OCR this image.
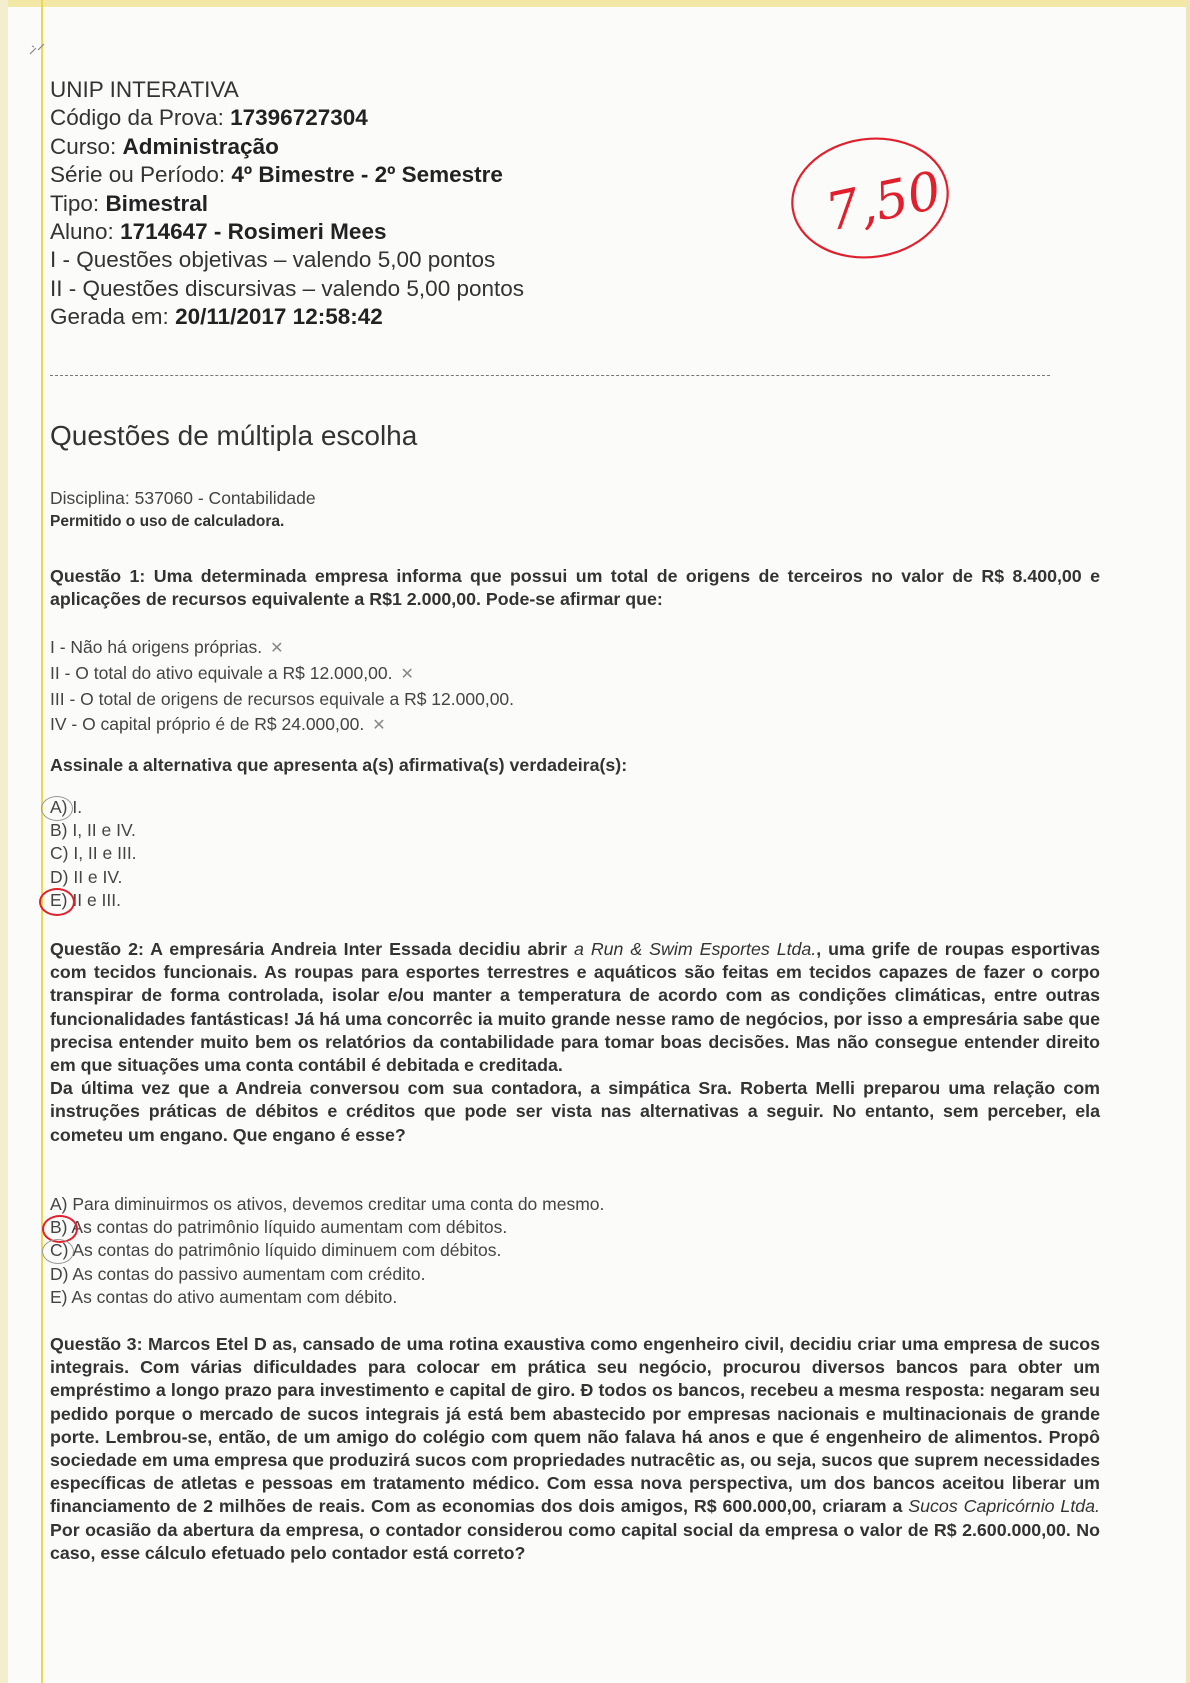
UNIP INTERATIVA
Código da Prova: 17396727304
Curso: Administração
Série ou Período: 4º Bimestre - 2º Semestre
Tipo: Bimestral
Aluno: 1714647 - Rosimeri Mees
I - Questões objetivas – valendo 5,00 pontos
II - Questões discursivas – valendo 5,00 pontos
Gerada em: 20/11/2017 12:58:42
7,50
Questões de múltipla escolha
Disciplina: 537060 - Contabilidade
Permitido o uso de calculadora.

Questão 1: Uma determinada empresa informa que possui um total de origens de terceiros no valor de R$ 8.400,00 e aplicações de recursos equivalente a R$1 2.000,00. Pode-se afirmar que:

I - Não há origens próprias. ✕
II - O total do ativo equivale a R$ 12.000,00. ✕
III - O total de origens de recursos equivale a R$ 12.000,00.
IV - O capital próprio é de R$ 24.000,00. ✕

Assinale a alternativa que apresenta a(s) afirmativa(s) verdadeira(s):

A) I.
B) I, II e IV.
C) I, II e III.
D) II e IV.
E) II e III.

Questão 2: A empresária Andreia Inter Essada decidiu abrir a Run & Swim Esportes Ltda., uma grife de roupas esportivas com tecidos funcionais. As roupas para esportes terrestres e aquáticos são feitas em tecidos capazes de fazer o corpo transpirar de forma controlada, isolar e/ou manter a temperatura de acordo com as condições climáticas, entre outras funcionalidades fantásticas! Já há uma concorrêc ia muito grande nesse ramo de negócios, por isso a empresária sabe que precisa entender muito bem os relatórios da contabilidade para tomar boas decisões. Mas não consegue entender direito em que situações uma conta contábil é debitada e creditada.

Da última vez que a Andreia conversou com sua contadora, a simpática Sra. Roberta Melli preparou uma relação com instruções práticas de débitos e créditos que pode ser vista nas alternativas a seguir. No entanto, sem perceber, ela cometeu um engano. Que engano é esse?

A) Para diminuirmos os ativos, devemos creditar uma conta do mesmo.
B) As contas do patrimônio líquido aumentam com débitos.
C) As contas do patrimônio líquido diminuem com débitos.
D) As contas do passivo aumentam com crédito.
E) As contas do ativo aumentam com débito.

Questão 3: Marcos Etel D as, cansado de uma rotina exaustiva como engenheiro civil, decidiu criar uma empresa de sucos integrais. Com várias dificuldades para colocar em prática seu negócio, procurou diversos bancos para obter um empréstimo a longo prazo para investimento e capital de giro. Ð todos os bancos, recebeu a mesma resposta: negaram seu pedido porque o mercado de sucos integrais já está bem abastecido por empresas nacionais e multinacionais de grande porte. Lembrou-se, então, de um amigo do colégio com quem não falava há anos e que é engenheiro de alimentos. Propô sociedade em uma empresa que produzirá sucos com propriedades nutracêtic as, ou seja, sucos que suprem necessidades específicas de atletas e pessoas em tratamento médico. Com essa nova perspectiva, um dos bancos aceitou liberar um financiamento de 2 milhões de reais. Com as economias dos dois amigos, R$ 600.000,00, criaram a Sucos Capricórnio Ltda. Por ocasião da abertura da empresa, o contador considerou como capital social da empresa o valor de R$ 2.600.000,00. No caso, esse cálculo efetuado pelo contador está correto?
